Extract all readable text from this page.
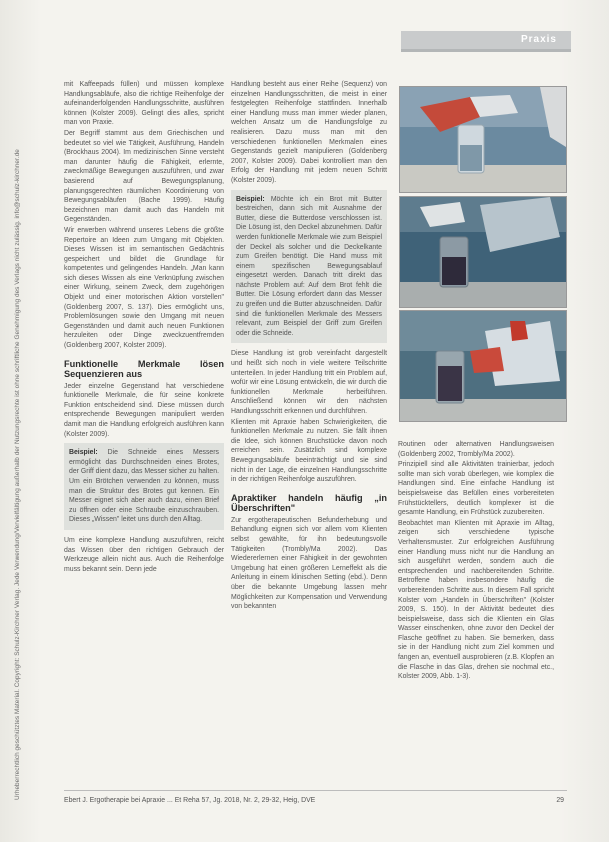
Urheberrechtlich geschütztes Material. Copyright: Schulz-Kirchner Verlag. Jede Verwendung/Vervielfältigung außerhalb der Nutzungsrechte ist ohne schriftliche Genehmigung des Verlags nicht zulässig. info@schulz-kirchner.de
Praxis

mit Kaffeepads füllen) und müssen komplexe Handlungsabläufe, also die richtige Reihenfolge der aufeinanderfolgenden Handlungsschritte, ausführen können (Kolster 2009). Gelingt dies alles, spricht man von Praxie.

Der Begriff stammt aus dem Griechischen und bedeutet so viel wie Tätigkeit, Ausführung, Handeln (Brockhaus 2004). Im medizinischen Sinne versteht man darunter häufig die Fähigkeit, erlernte, zweckmäßige Bewegungen auszuführen, und zwar basierend auf Bewegungsplanung, planungsgerechten räumlichen Koordinierung von Bewegungsabläufen (Bache 1999). Häufig bezeichnen man damit auch das Handeln mit Gegenständen.

Wir erwerben während unseres Lebens die größte Repertoire an Ideen zum Umgang mit Objekten. Dieses Wissen ist im semantischen Gedächtnis gespeichert und bildet die Grundlage für kompetentes und gelingendes Handeln. „Man kann sich dieses Wissen als eine Verknüpfung zwischen einer Wirkung, seinem Zweck, dem zugehörigen Objekt und einer motorischen Aktion vorstellen" (Goldenberg 2007, S. 137). Dies ermöglicht uns, Problemlösungen sowie den Umgang mit neuen Gegenständen und damit auch neuen Funktionen herzuleiten oder Dinge zweckzuentfremden (Goldenberg 2007, Kolster 2009).

Funktionelle Merkmale lösen Sequenzieren aus

Jeder einzelne Gegenstand hat verschiedene funktionelle Merkmale, die für seine konkrete Funktion entscheidend sind. Diese müssen durch entsprechende Bewegungen manipuliert werden damit man die Handlung erfolgreich ausführen kann (Kolster 2009).

Beispiel: Die Schneide eines Messers ermöglicht das Durchschneiden eines Brotes, der Griff dient dazu, das Messer sicher zu halten. Um ein Brötchen verwenden zu können, muss man die Struktur des Brotes gut kennen. Ein Messer eignet sich aber auch dazu, einen Brief zu öffnen oder eine Schraube einzuschrauben. Dieses „Wissen" leitet uns durch den Alltag.

Um eine komplexe Handlung auszuführen, reicht das Wissen über den richtigen Gebrauch der Werkzeuge allein nicht aus. Auch die Reihenfolge muss bekannt sein. Denn jede

Handlung besteht aus einer Reihe (Sequenz) von einzelnen Handlungsschritten, die meist in einer festgelegten Reihenfolge stattfinden. Innerhalb einer Handlung muss man immer wieder planen, welchen Ansatz um die Handlungsfolge zu realisieren. Dazu muss man mit den verschiedenen funktionellen Merkmalen eines Gegenstands gezielt manipulieren (Goldenberg 2007, Kolster 2009). Dabei kontrolliert man den Erfolg der Handlung mit jedem neuen Schritt (Kolster 2009).

Beispiel: Möchte ich ein Brot mit Butter bestreichen, dann sich mit Ausnahme der Butter, diese die Butterdose verschlossen ist. Die Lösung ist, den Deckel abzunehmen. Dafür werden funktionelle Merkmale wie zum Beispiel der Deckel als solcher und die Deckelkante zum Greifen benötigt. Die Hand muss mit einem spezifischen Bewegungsablauf eingesetzt werden. Danach tritt direkt das nächste Problem auf: Auf dem Brot fehlt die Butter. Die Lösung erfordert dann das Messer zu greifen und die Butter abzuschneiden. Dafür sind die funktionellen Merkmale des Messers relevant, zum Beispiel der Griff zum Greifen oder die Schneide.

Diese Handlung ist grob vereinfacht dargestellt und heißt sich noch in viele weitere Teilschritte unterteilen. In jeder Handlung tritt ein Problem auf, wofür wir eine Lösung entwickeln, die wir durch die funktionellen Merkmale herbeiführen. Anschließend können wir den nächsten Handlungsschritt erkennen und durchführen.

Klienten mit Apraxie haben Schwierigkeiten, die funktionellen Merkmale zu nutzen. Sie fällt ihnen die Idee, sich können Bruchstücke davon noch erreichen sein. Zusätzlich sind komplexe Bewegungsabläufe beeinträchtigt und sie sind nicht in der Lage, die einzelnen Handlungsschritte in der richtigen Reihenfolge auszuführen.

Apraktiker handeln häufig „in Überschriften"

Zur ergotherapeutischen Befunderhebung und Behandlung eignen sich vor allem vom Klienten selbst gewählte, für ihn bedeutungsvolle Tätigkeiten (Trombly/Ma 2002). Das Wiedererlernen einer Fähigkeit in der gewohnten Umgebung hat einen größeren Lerneffekt als die Anleitung in einem klinischen Setting (ebd.). Denn über die bekannte Umgebung lassen mehr Möglichkeiten zur Kompensation und Verwendung von bekannten

Routinen oder alternativen Handlungsweisen (Goldenberg 2002, Trombly/Ma 2002).

Prinzipiell sind alle Aktivitäten trainierbar, jedoch sollte man sich vorab überlegen, wie komplex die Handlungen sind. Eine einfache Handlung ist beispielsweise das Befüllen eines vorbereiteten Frühstücktellers, deutlich komplexer ist die gesamte Handlung, ein Frühstück zuzubereiten.

Beobachtet man Klienten mit Apraxie im Alltag, zeigen sich verschiedene typische Verhaltensmuster. Zur erfolgreichen Ausführung einer Handlung muss nicht nur die Handlung an sich ausgeführt werden, sondern auch die entsprechenden und nachbereitenden Schritte. Betroffene haben insbesondere häufig die vorbereitenden Schritte aus. In diesem Fall spricht Kolster vom „Handeln in Überschriften" (Kolster 2009, S. 150). In der Aktivität bedeutet dies beispielsweise, dass sich die Klienten ein Glas Wasser einschenken, ohne zuvor den Deckel der Flasche geöffnet zu haben. Sie bemerken, dass sie in der Handlung nicht zum Ziel kommen und fangen an, eventuell ausprobieren (z.B. Klopfen an die Flasche in das Glas, drehen sie nochmal etc., Kolster 2009, Abb. 1-3).

Ebert J. Ergotherapie bei Apraxie ... Et Reha 57, Jg. 2018, Nr. 2, 29-32, Heig, DVE	29
